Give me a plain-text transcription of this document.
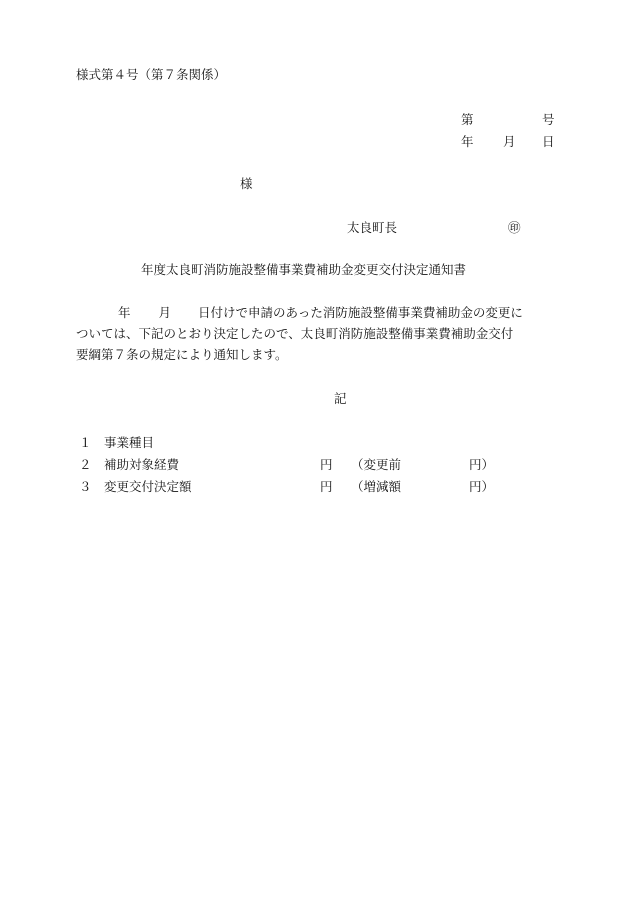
様式第４号（第７条関係）
第	号
年 月 日
様
太良町長	㊞
年度太良町消防施設整備事業費補助金変更交付決定通知書
年 月 日付けで申請のあった消防施設整備事業費補助金の変更に
ついては、下記のとおり決定したので、太良町消防施設整備事業費補助金交付
要綱第７条の規定により通知します。
記
１ 事業種目
２ 補助対象経費	円 （変更前	円）
３ 変更交付決定額	円 （増減額	円）
